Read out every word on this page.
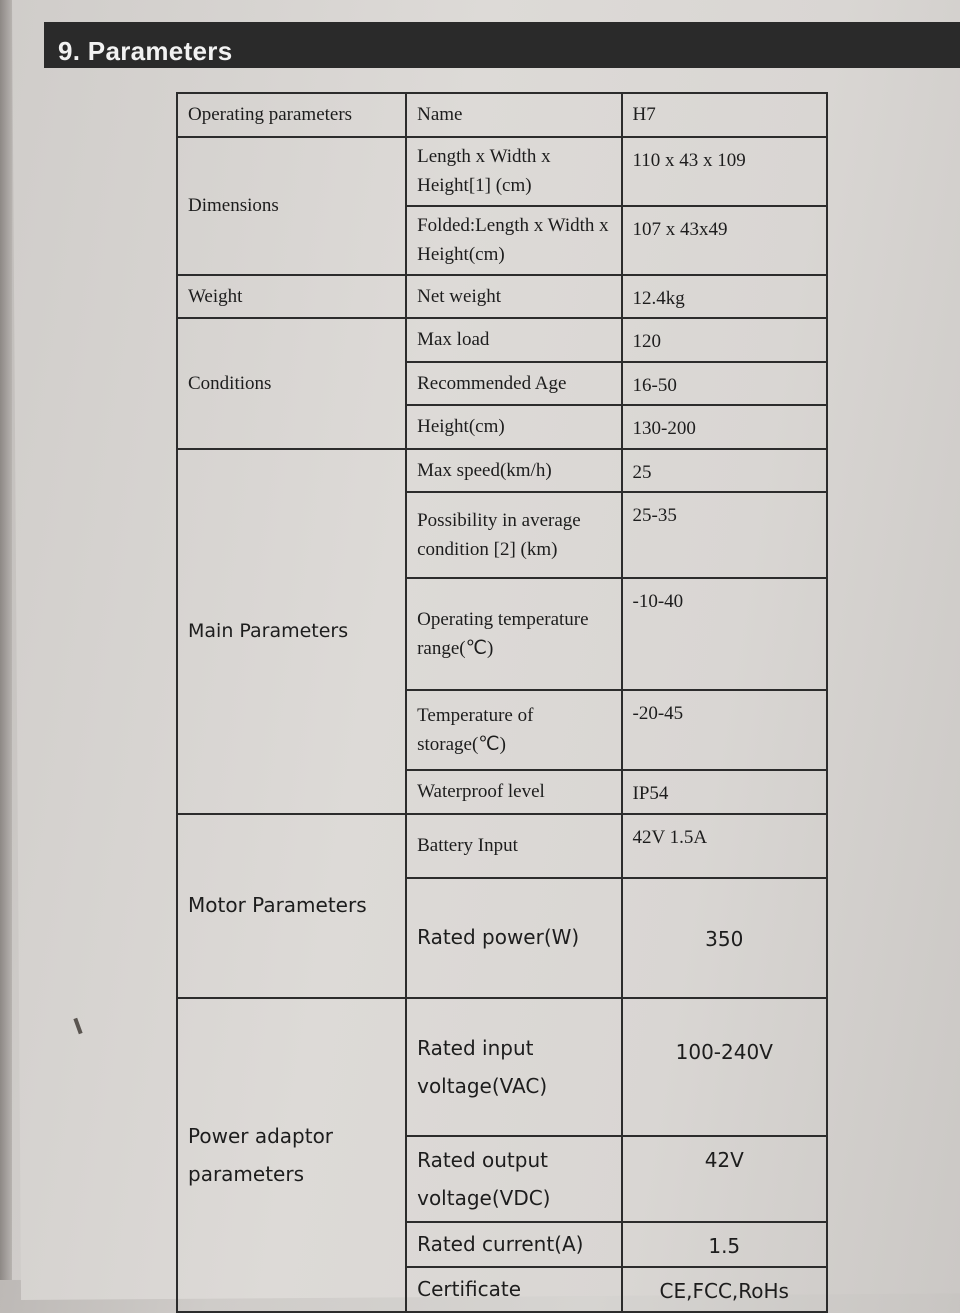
9. Parameters
Operating parameters	Name	H7
Dimensions	Length x Width x Height[1] (cm)	110 x 43 x 109
	Folded:Length x Width x Height(cm)	107 x 43x49
Weight	Net weight	12.4kg
Conditions	Max load	120
	Recommended Age	16-50
	Height(cm)	130-200
Main Parameters	Max speed(km/h)	25
	Possibility in average condition [2] (km)	25-35
	Operating temperature range(℃)	-10-40
	Temperature of storage(℃)	-20-45
	Waterproof level	IP54
Motor Parameters	Battery Input	42V 1.5A
	Rated power(W)	350
Power adaptor parameters	Rated input voltage(VAC)	100-240V
	Rated output voltage(VDC)	42V
	Rated current(A)	1.5
	Certificate	CE,FCC,RoHs
